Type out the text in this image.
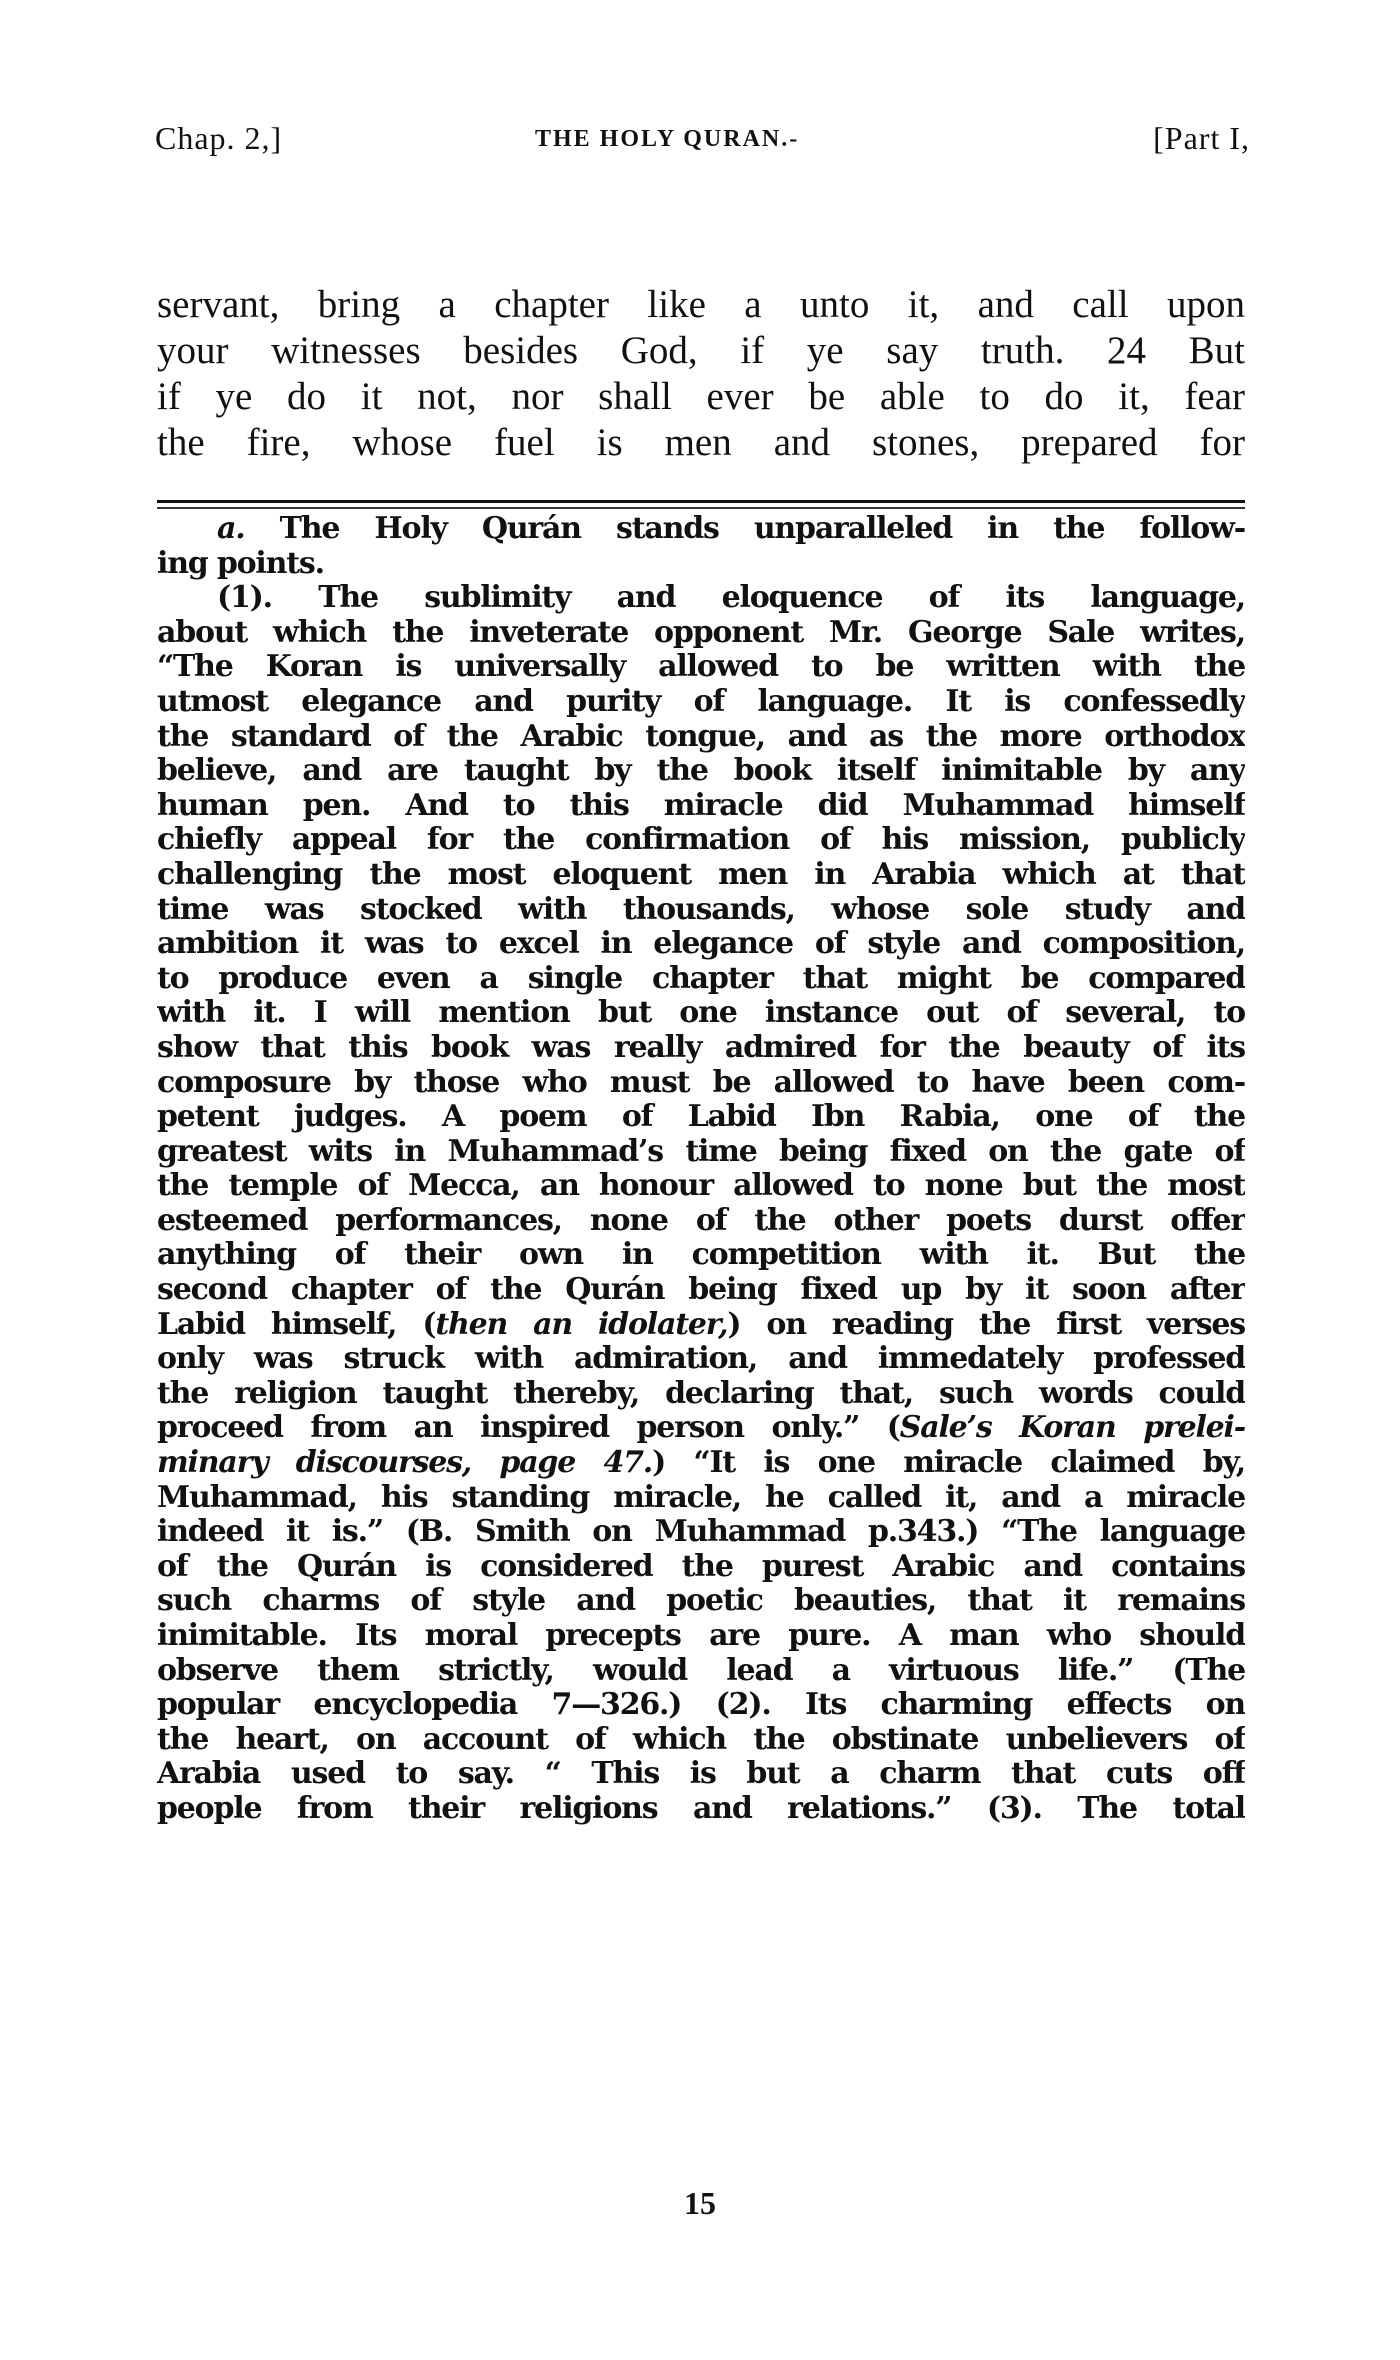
Chap. 2,]	THE HOLY QURAN.-	[Part I,
servant, bring a chapter like a unto it, and call upon
your witnesses besides God, if ye say truth. 24 But
if ye do it not, nor shall ever be able to do it, fear
the fire, whose fuel is men and stones, prepared for
a. The Holy Qurán stands unparalleled in the follow-
ing points.
(1). The sublimity and eloquence of its language,
about which the inveterate opponent Mr. George Sale writes,
“The Koran is universally allowed to be written with the
utmost elegance and purity of language. It is confessedly
the standard of the Arabic tongue, and as the more orthodox
believe, and are taught by the book itself inimitable by any
human pen. And to this miracle did Muhammad himself
chiefly appeal for the confirmation of his mission, publicly
challenging the most eloquent men in Arabia which at that
time was stocked with thousands, whose sole study and
ambition it was to excel in elegance of style and composition,
to produce even a single chapter that might be compared
with it. I will mention but one instance out of several, to
show that this book was really admired for the beauty of its
composure by those who must be allowed to have been com-
petent judges. A poem of Labid Ibn Rabia, one of the
greatest wits in Muhammad’s time being fixed on the gate of
the temple of Mecca, an honour allowed to none but the most
esteemed performances, none of the other poets durst offer
anything of their own in competition with it. But the
second chapter of the Qurán being fixed up by it soon after
Labid himself, (then an idolater,) on reading the first verses
only was struck with admiration, and immedately professed
the religion taught thereby, declaring that, such words could
proceed from an inspired person only.” (Sale’s Koran prelei-
minary discourses, page 47.) “It is one miracle claimed by,
Muhammad, his standing miracle, he called it, and a miracle
indeed it is.” (B. Smith on Muhammad p.343.) “The language
of the Qurán is considered the purest Arabic and contains
such charms of style and poetic beauties, that it remains
inimitable. Its moral precepts are pure. A man who should
observe them strictly, would lead a virtuous life.” (The
popular encyclopedia 7—326.) (2). Its charming effects on
the heart, on account of which the obstinate unbelievers of
Arabia used to say. “ This is but a charm that cuts off
people from their religions and relations.” (3). The total
15
